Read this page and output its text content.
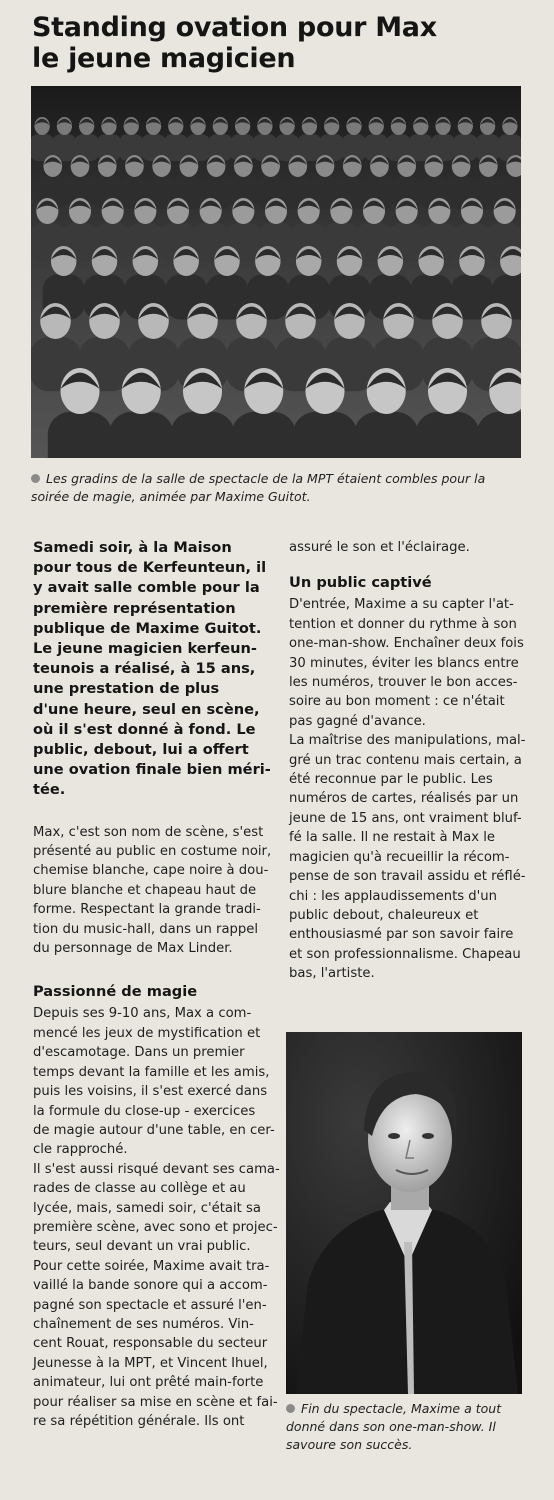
Standing ovation pour Max
le jeune magicien
Les gradins de la salle de spectacle de la MPT étaient combles pour la soirée de magie, animée par Maxime Guitot.
Samedi soir, à la Maison
pour tous de Kerfeunteun, il
y avait salle comble pour la
première représentation
publique de Maxime Guitot.
Le jeune magicien kerfeun-
teunois a réalisé, à 15 ans,
une prestation de plus
d'une heure, seul en scène,
où il s'est donné à fond. Le
public, debout, lui a offert
une ovation finale bien méri-
tée.
Max, c'est son nom de scène, s'est
présenté au public en costume noir,
chemise blanche, cape noire à dou-
blure blanche et chapeau haut de
forme. Respectant la grande tradi-
tion du music-hall, dans un rappel
du personnage de Max Linder.
Passionné de magie
Depuis ses 9-10 ans, Max a com-
mencé les jeux de mystification et
d'escamotage. Dans un premier
temps devant la famille et les amis,
puis les voisins, il s'est exercé dans
la formule du close-up - exercices
de magie autour d'une table, en cer-
cle rapproché.
Il s'est aussi risqué devant ses cama-
rades de classe au collège et au
lycée, mais, samedi soir, c'était sa
première scène, avec sono et projec-
teurs, seul devant un vrai public.
Pour cette soirée, Maxime avait tra-
vaillé la bande sonore qui a accom-
pagné son spectacle et assuré l'en-
chaînement de ses numéros. Vin-
cent Rouat, responsable du secteur
Jeunesse à la MPT, et Vincent Ihuel,
animateur, lui ont prêté main-forte
pour réaliser sa mise en scène et fai-
re sa répétition générale. Ils ont
assuré le son et l'éclairage.
Un public captivé
D'entrée, Maxime a su capter l'at-
tention et donner du rythme à son
one-man-show. Enchaîner deux fois
30 minutes, éviter les blancs entre
les numéros, trouver le bon acces-
soire au bon moment : ce n'était
pas gagné d'avance.
La maîtrise des manipulations, mal-
gré un trac contenu mais certain, a
été reconnue par le public. Les
numéros de cartes, réalisés par un
jeune de 15 ans, ont vraiment bluf-
fé la salle. Il ne restait à Max le
magicien qu'à recueillir la récom-
pense de son travail assidu et réflé-
chi : les applaudissements d'un
public debout, chaleureux et
enthousiasmé par son savoir faire
et son professionnalisme. Chapeau
bas, l'artiste.
Fin du spectacle, Maxime a tout donné dans son one-man-show. Il savoure son succès.
